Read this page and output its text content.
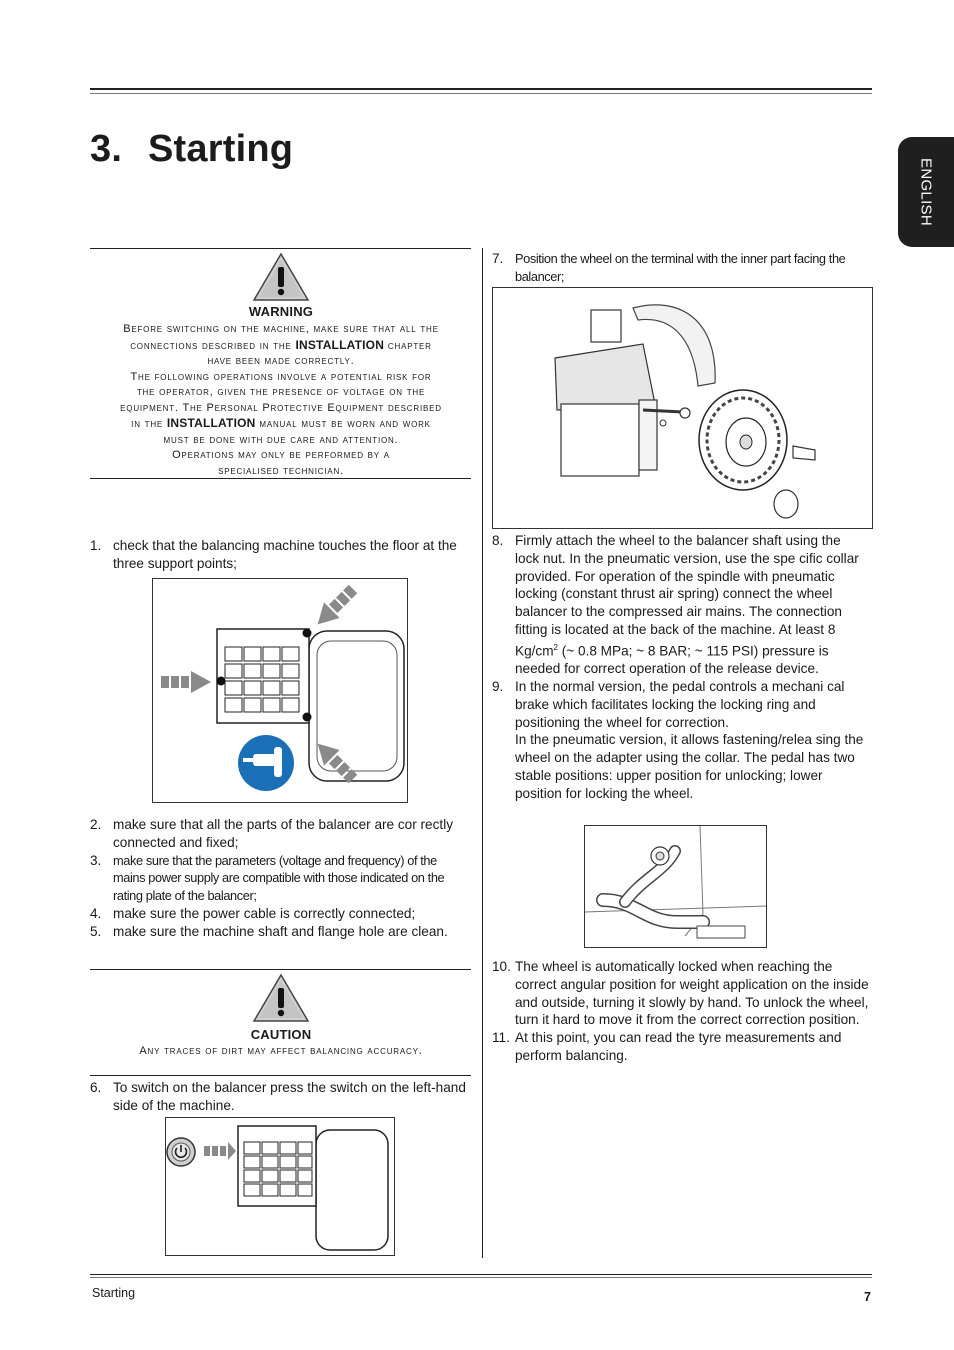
3. Starting
ENGLISH
WARNING
Before switching on the machine, make sure that all the
connections described in the INSTALLATION chapter
have been made correctly.
The following operations involve a potential risk for
the operator, given the presence of voltage on the
equipment. The Personal Protective Equipment described
in the INSTALLATION manual must be worn and work
must be done with due care and attention.
Operations may only be performed by a
specialised technician.
1. check that the balancing machine touches the floor at the three support points;
2. make sure that all the parts of the balancer are cor rectly connected and fixed;
3. make sure that the parameters (voltage and frequency) of the mains power supply are compatible with those indicated on the rating plate of the balancer;
4. make sure the power cable is correctly connected;
5. make sure the machine shaft and flange hole are clean.
CAUTION
Any traces of dirt may affect balancing accuracy.
6. To switch on the balancer press the switch on the left-hand side of the machine.
7. Position the wheel on the terminal with the inner part facing the balancer;
8. Firmly attach the wheel to the balancer shaft using the lock nut. In the pneumatic version, use the spe cific collar provided. For operation of the spindle with pneumatic locking (constant thrust air spring) connect the wheel balancer to the compressed air mains. The connection fitting is located at the back of the machine. At least 8 $Kg/cm^2$ (~ 0.8 MPa; ~ 8 BAR; ~ 115 PSI) pressure is needed for correct operation of the release device.
9. In the normal version, the pedal controls a mechani cal brake which facilitates locking the locking ring and positioning the wheel for correction.
In the pneumatic version, it allows fastening/relea sing the wheel on the adapter using the collar. The pedal has two stable positions: upper position for unlocking; lower position for locking the wheel.
10. The wheel is automatically locked when reaching the correct angular position for weight application on the inside and outside, turning it slowly by hand. To unlock the wheel, turn it hard to move it from the correct correction position.
11. At this point, you can read the tyre measurements and perform balancing.
Starting	7
